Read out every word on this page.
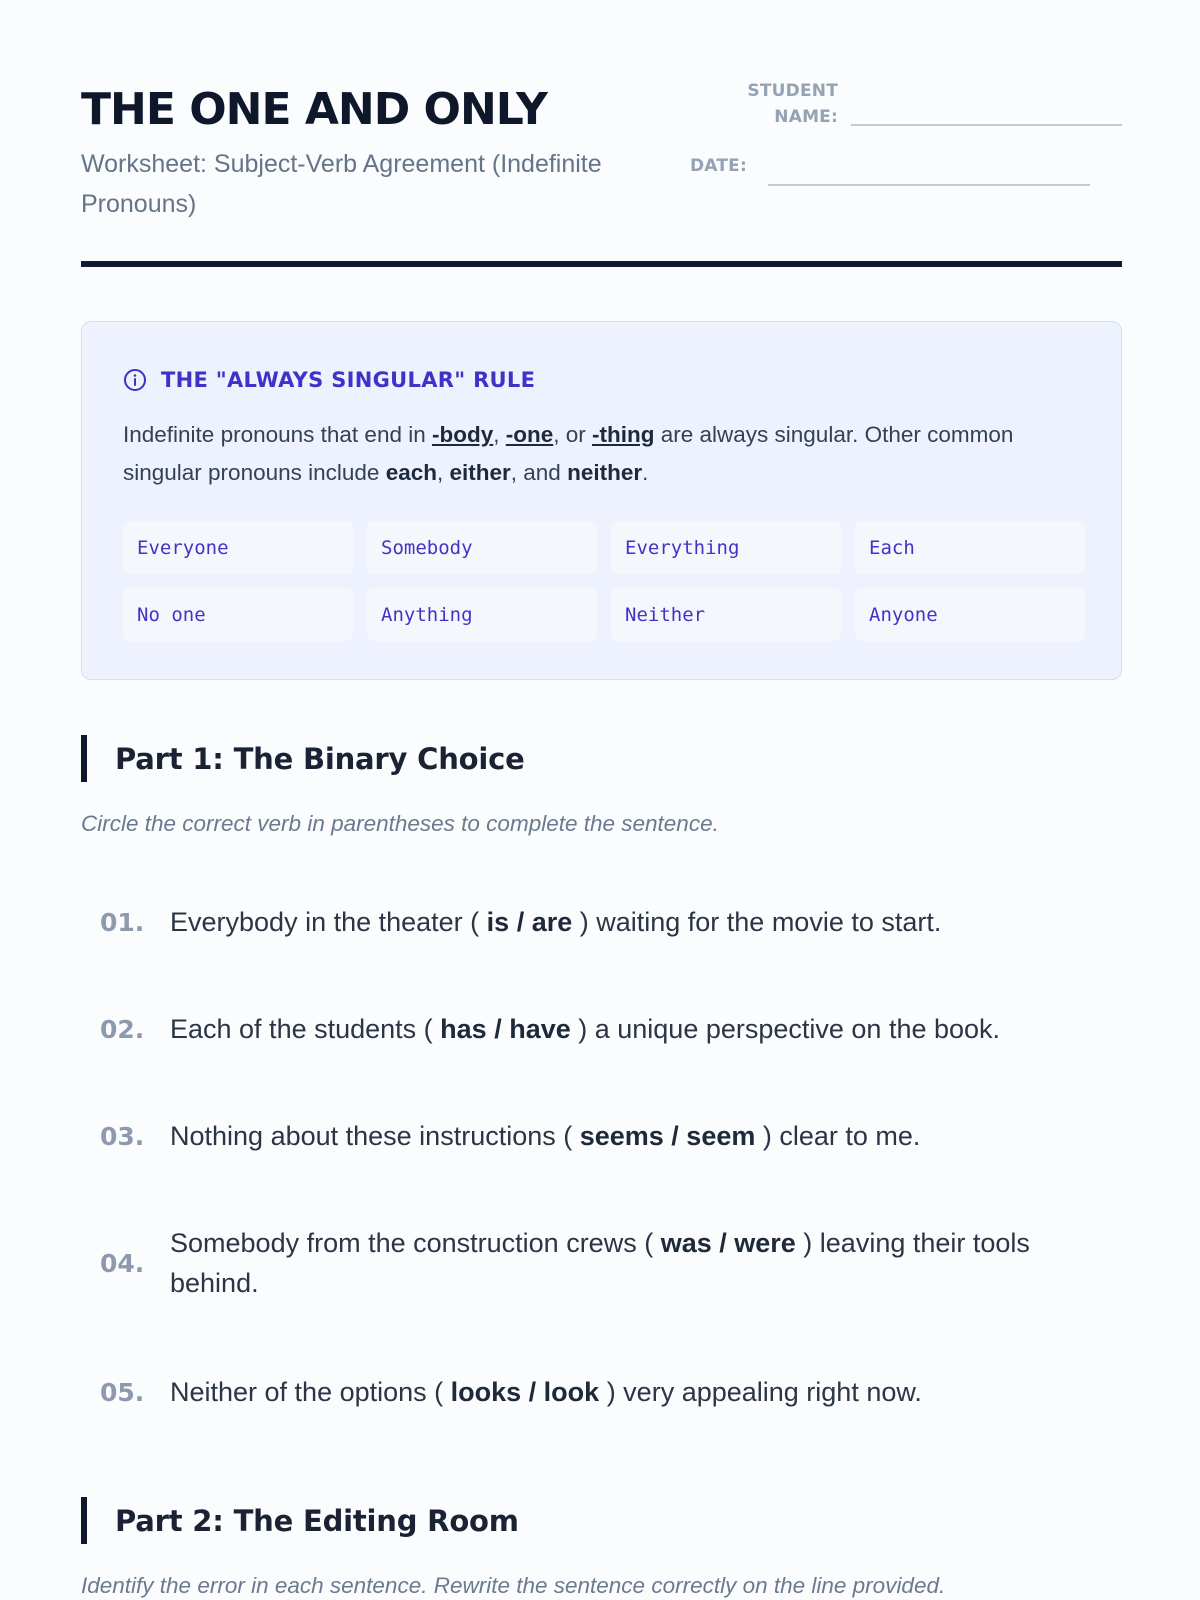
THE ONE AND ONLY
Worksheet: Subject-Verb Agreement (Indefinite Pronouns)
STUDENT
NAME:
DATE:
THE "ALWAYS SINGULAR" RULE
Indefinite pronouns that end in -body, -one, or -thing are always singular. Other common singular pronouns include each, either, and neither.
Everyone	Somebody	Everything	Each
No one	Anything	Neither	Anyone
Part 1: The Binary Choice
Circle the correct verb in parentheses to complete the sentence.
01. Everybody in the theater ( is / are ) waiting for the movie to start.
02. Each of the students ( has / have ) a unique perspective on the book.
03. Nothing about these instructions ( seems / seem ) clear to me.
04.
Somebody from the construction crews ( was / were ) leaving their tools behind.
05. Neither of the options ( looks / look ) very appealing right now.
Part 2: The Editing Room
Identify the error in each sentence. Rewrite the sentence correctly on the line provided.
